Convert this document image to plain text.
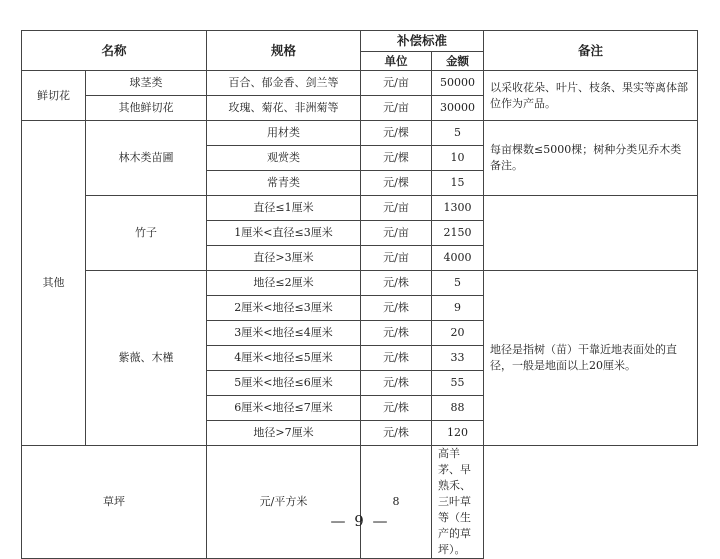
名称		规格	补偿标准		备注
			单位	金额	
鲜切花	球茎类	百合、郁金香、剑兰等	元/亩	50000	以采收花朵、叶片、枝条、果实等离体部位作为产品。
	其他鲜切花	玫瑰、菊花、非洲菊等	元/亩	30000	
其他	林木类苗圃	用材类	元/棵	5	每亩棵数≤5000棵；树种分类见乔木类备注。
		观赏类	元/棵	10	
		常青类	元/棵	15	
	竹子	直径≤1厘米	元/亩	1300	
		1厘米<直径≤3厘米	元/亩	2150	
		直径>3厘米	元/亩	4000	
	紫薇、木槿	地径≤2厘米	元/株	5	地径是指树（苗）干靠近地表面处的直径，一般是地面以上20厘米。
		2厘米<地径≤3厘米	元/株	9	
		3厘米<地径≤4厘米	元/株	20	
		4厘米<地径≤5厘米	元/株	33	
		5厘米<地径≤6厘米	元/株	55	
		6厘米<地径≤7厘米	元/株	88	
		地径>7厘米	元/株	120	
草坪		元/平方米	8	高羊茅、早熟禾、三叶草等（生产的草坪）。	
— 9 —
